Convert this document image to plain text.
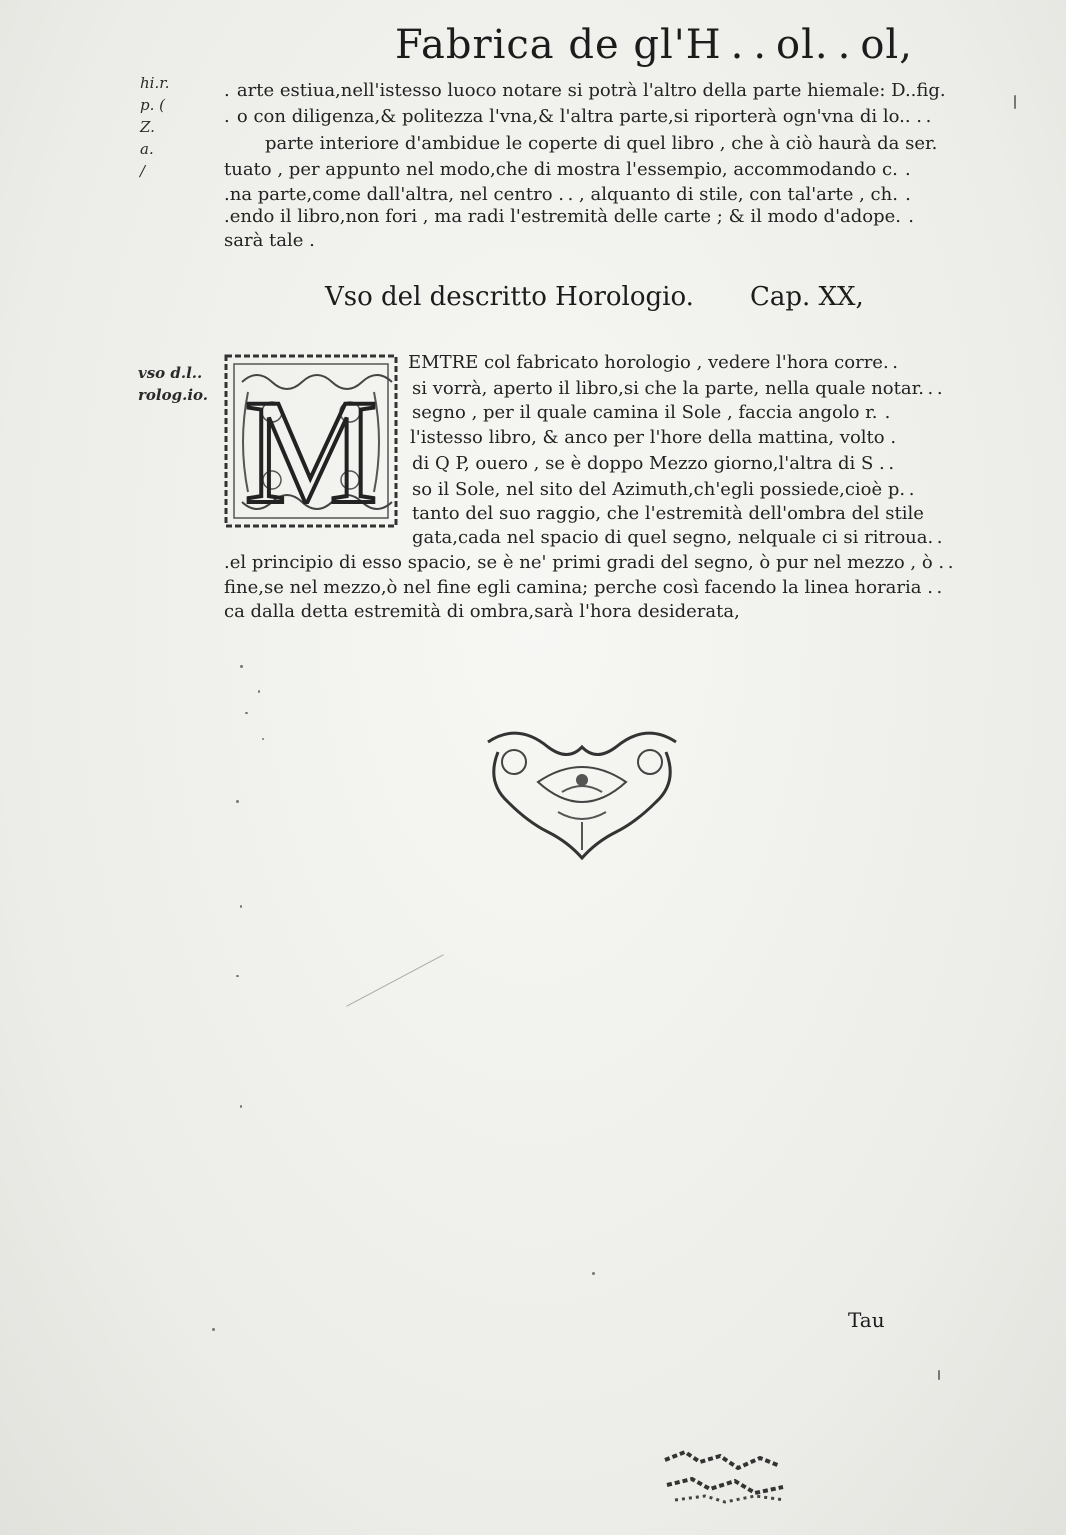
Fabrica de gl'H . . ol. . ol,
hi.r.
p. (
Z.
a.
/
vso d.l..
rolog.io.
.  arte estiua,nell'istesso luoco notare si potrà l'altro della parte hiemale: D..fig.
.  o con diligenza,& politezza l'vna,& l'altra parte,si riporterà ogn'vna di lo.. . .
parte interiore d'ambidue le coperte di quel libro , che à ciò haurà da ser.
tuato , per appunto nel modo,che di mostra l'essempio, accommodando c.  .
.na parte,come dall'altra, nel centro . . , alquanto di stile, con tal'arte , ch.  .
.endo il libro,non fori , ma radi l'estremità delle carte ; & il modo d'adope.  .
sarà tale .
Vso del descritto Horologio. Cap. XX,
M
EMTRE col fabricato horologio , vedere l'hora corre. .
si vorrà, aperto il libro,si che la parte, nella quale notar. . .
segno , per il quale camina il Sole , faccia angolo r.  .
l'istesso libro, & anco per l'hore della mattina, volto .
di Q P, ouero , se è doppo Mezzo giorno,l'altra di S . .
so il Sole, nel sito del Azimuth,ch'egli possiede,cioè p. .
tanto del suo raggio, che l'estremità dell'ombra del stile
gata,cada nel spacio di quel segno, nelquale ci si ritroua. .
.el principio di esso spacio, se è ne' primi gradi del segno, ò pur nel mezzo , ò . .
fine,se nel mezzo,ò nel fine egli camina; perche così facendo la linea horaria . .
ca dalla detta estremità di ombra,sarà l'hora desiderata,
Tau
